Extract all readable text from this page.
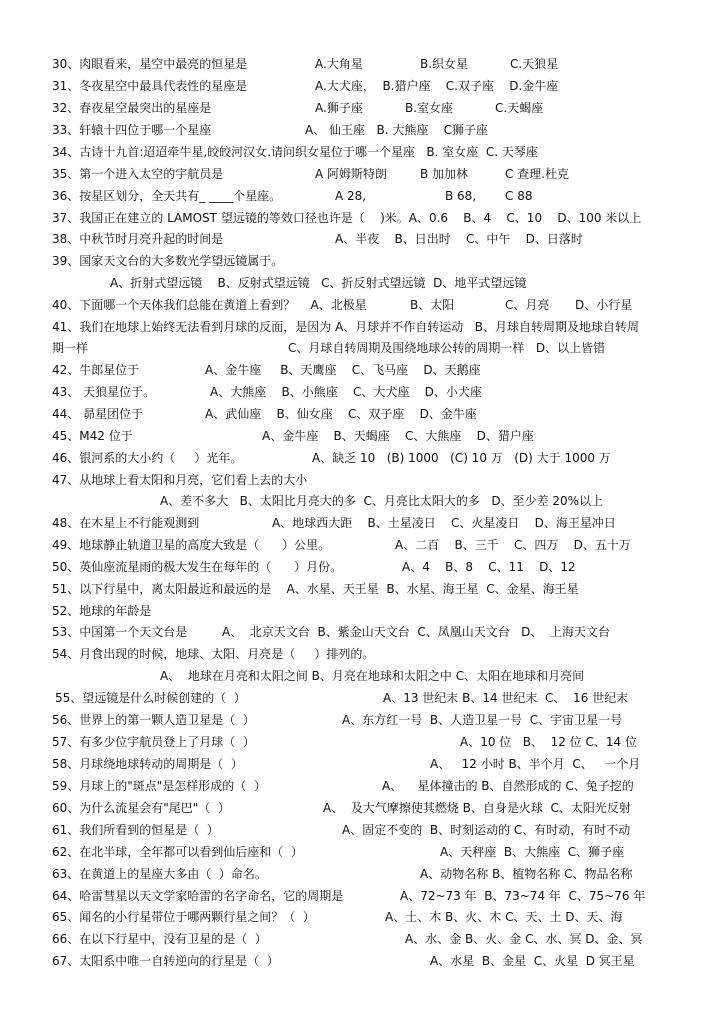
30、肉眼看来，星空中最亮的恒星是	A.大角星	B.织女星	C.天狼星
31、冬夜星空中最具代表性的星座是	A.大犬座，  B.猎户座    C.双子座    D.金牛座
32、春夜星空最突出的星座是	A.狮子座	B.室女座	C.天蝎座
33、轩辕十四位于哪一个星座	A、 仙王座   B. 大熊座    C狮子座
34、古诗十九首:迢迢牵牛星,皎皎河汉女.请问织女星位于哪一个星座   B. 室女座  C. 天琴座
35、第一个进入太空的宇航员是	A 阿姆斯特朗	B 加加林	C 查理.杜克
36、按星区划分，全天共有_ ____个星座。	A 28,	B 68, C 88
37、我国正在建立的 LAMOST 望远镜的等效口径也许是（    )米。A、0.6    B、4    C、10    D、100 米以上
38、中秋节时月亮升起的时间是	A、半夜    B、日出时    C、中午    D、日落时
39、国家天文台的大多数光学望远镜属于。
A、折射式望远镜    B、反射式望远镜   C、折反射式望远镜  D、地平式望远镜
40、下面哪一个天体我们总能在黄道上看到？    A、北极星	B、太阳	C、月亮 D、小行星
41、我们在地球上始终无法看到月球的反面，是因为 A、月球并不作自转运动   B、月球自转周期及地球自转周
期一样	C、月球自转周期及围绕地球公转的周期一样   D、以上皆错
42、牛郎星位于	A、金牛座     B、天鹰座    C、飞马座    D、天鹅座
43、 天狼星位于。	A、大熊座    B、小熊座    C、大犬座    D、小犬座
44、 昴星团位于	A、武仙座    B、仙女座    C、双子座    D、金牛座
45、M42 位于	A、金牛座    B、天蝎座    C、大熊座    D、猎户座
46、银河系的大小约（     ）光年。	A、缺乏 10   (B) 1000   (C) 10 万   (D) 大于 1000 万
47、从地球上看太阳和月亮，它们看上去的大小
A、差不多大   B、太阳比月亮大的多  C、月亮比太阳大的多   D、至少差 20%以上
48、在木星上不行能观测到	A、地球西大距    B、土星凌日    C、火星凌日    D、海王星冲日
49、地球静止轨道卫星的高度大致是（      ）公里。	A、二百    B、三千    C、四万    D、五十万
50、英仙座流星雨的极大发生在每年的（      ）月份。	A、4    B、8    C、11    D、12
51、以下行星中，离太阳最近和最远的是    A、水星、天王星  B、水星、海王星  C、金星、海王星
52、地球的年龄是
53、中国第一个天文台是	A、  北京天文台  B、紫金山天文台  C、凤凰山天文台   D、  上海天文台
54、月食出现的时候，地球、太阳、月亮是（     ）排列的。
A、  地球在月亮和太阳之间 B、月亮在地球和太阳之中 C、太阳在地球和月亮间
55、望远镜是什么时候创建的（  ）	A、13 世纪末 B、14 世纪末  C、  16 世纪末
56、世界上的第一颗人造卫星是（  ）	A、东方红一号  B、人造卫星一号  C、宇宙卫星一号
57、有多少位宇航员登上了月球（  ）	A、10 位   B、  12 位 C、14 位
58、月球绕地球转动的周期是（  ）	A、   12 小时 B、半个月  C、   一个月
59、月球上的"斑点"是怎样形成的（  ）	A、    星体撞击的 B、自然形成的 C、兔子挖的
60、为什么流星会有"尾巴"（  ）	A、  及大气摩擦使其燃烧 B、自身是火球  C、太阳光反射
61、我们所看到的恒星是（  ）	A、固定不变的  B、时刻运动的 C、有时动，有时不动
62、在北半球，全年都可以看到仙后座和（  ）	A、天秤座  B、大熊座  C、狮子座
63、在黄道上的星座大多由（  ）命名。	A、动物名称 B、植物名称 C、物品名称
64、哈雷彗星以天文学家哈雷的名字命名，它的周期是	A、72~73 年  B、73~74 年  C、75~76 年
65、闻名的小行星带位于哪两颗行星之间？（  ）	A、土、木 B、火、木 C、天、土 D、天、海
66、在以下行星中，没有卫星的是（  ）	A、水、金 B、火、金 C、水、冥 D、金、冥
67、太阳系中唯一自转逆向的行星是（  ）	A、水星  B、金星  C、火星  D 冥王星
